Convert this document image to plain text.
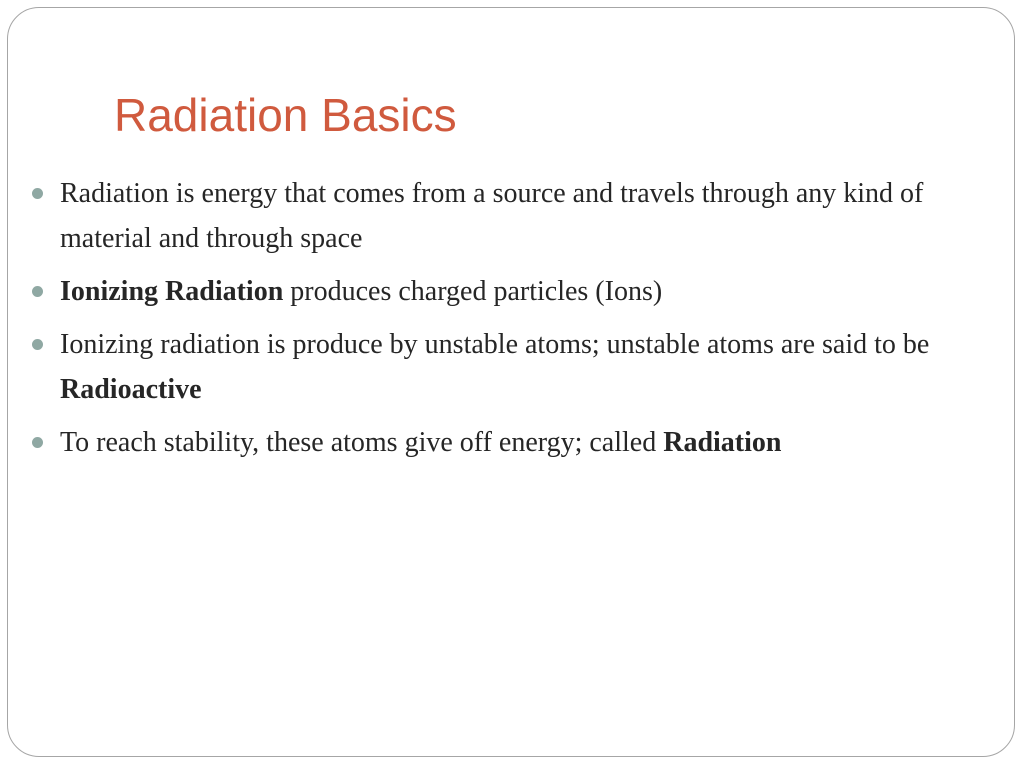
Radiation Basics
Radiation is energy that comes from a source and travels through any kind of material and through space
Ionizing Radiation produces charged particles (Ions)
Ionizing radiation is produce by unstable atoms; unstable atoms are said to be Radioactive
To reach stability, these atoms give off energy; called Radiation
